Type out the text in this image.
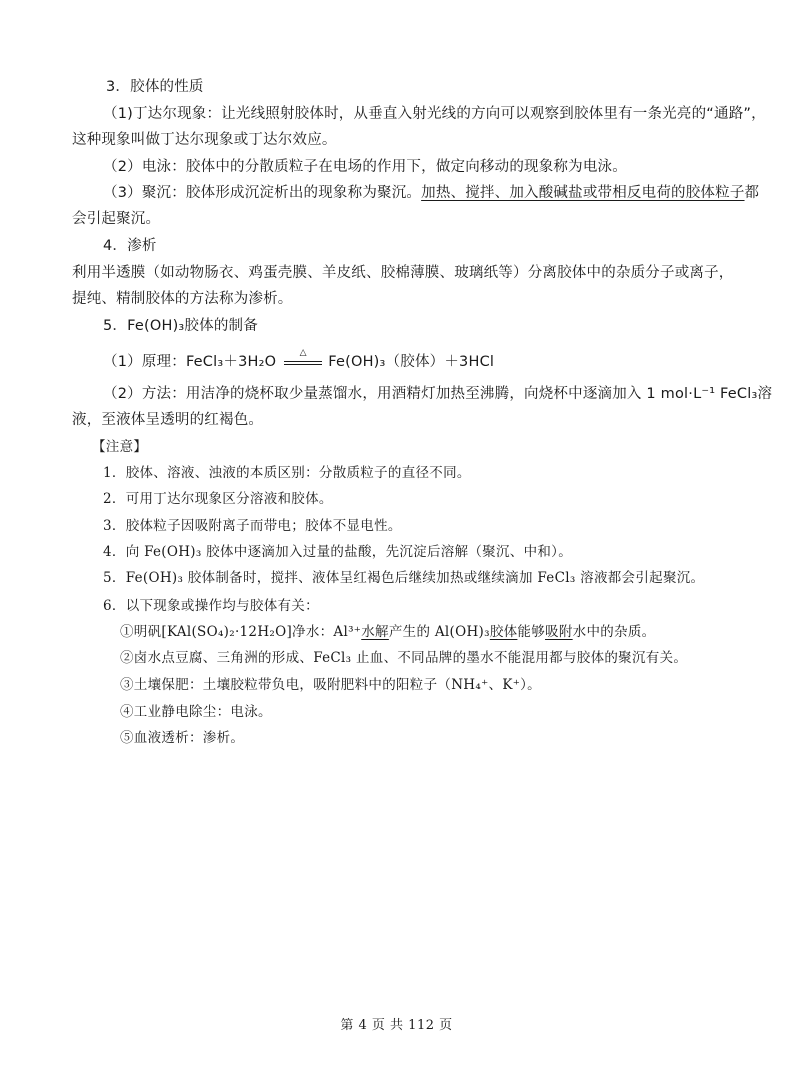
3．胶体的性质
（1)丁达尔现象：让光线照射胶体时，从垂直入射光线的方向可以观察到胶体里有一条光亮的“通路”，
这种现象叫做丁达尔现象或丁达尔效应。
（2）电泳：胶体中的分散质粒子在电场的作用下，做定向移动的现象称为电泳。
（3）聚沉：胶体形成沉淀析出的现象称为聚沉。加热、搅拌、加入酸碱盐或带相反电荷的胶体粒子都
会引起聚沉。
4．渗析
利用半透膜（如动物肠衣、鸡蛋壳膜、羊皮纸、胶棉薄膜、玻璃纸等）分离胶体中的杂质分子或离子，
提纯、精制胶体的方法称为渗析。
5．Fe(OH)₃胶体的制备
（1）原理：FeCl₃＋3H₂O
△
Fe(OH)₃（胶体）＋3HCl
（2）方法：用洁净的烧杯取少量蒸馏水，用酒精灯加热至沸腾，向烧杯中逐滴加入 1 mol·L⁻¹ FeCl₃溶
液，至液体呈透明的红褐色。
【注意】
1．胶体、溶液、浊液的本质区别：分散质粒子的直径不同。
2．可用丁达尔现象区分溶液和胶体。
3．胶体粒子因吸附离子而带电；胶体不显电性。
4．向 Fe(OH)₃ 胶体中逐滴加入过量的盐酸，先沉淀后溶解（聚沉、中和）。
5．Fe(OH)₃ 胶体制备时，搅拌、液体呈红褐色后继续加热或继续滴加 FeCl₃ 溶液都会引起聚沉。
6．以下现象或操作均与胶体有关：
①明矾[KAl(SO₄)₂·12H₂O]净水：Al³⁺水解产生的 Al(OH)₃胶体能够吸附水中的杂质。
②卤水点豆腐、三角洲的形成、FeCl₃ 止血、不同品牌的墨水不能混用都与胶体的聚沉有关。
③土壤保肥：土壤胶粒带负电，吸附肥料中的阳粒子（NH₄⁺、K⁺）。
④工业静电除尘：电泳。
⑤血液透析：渗析。
第 4 页 共 112 页
